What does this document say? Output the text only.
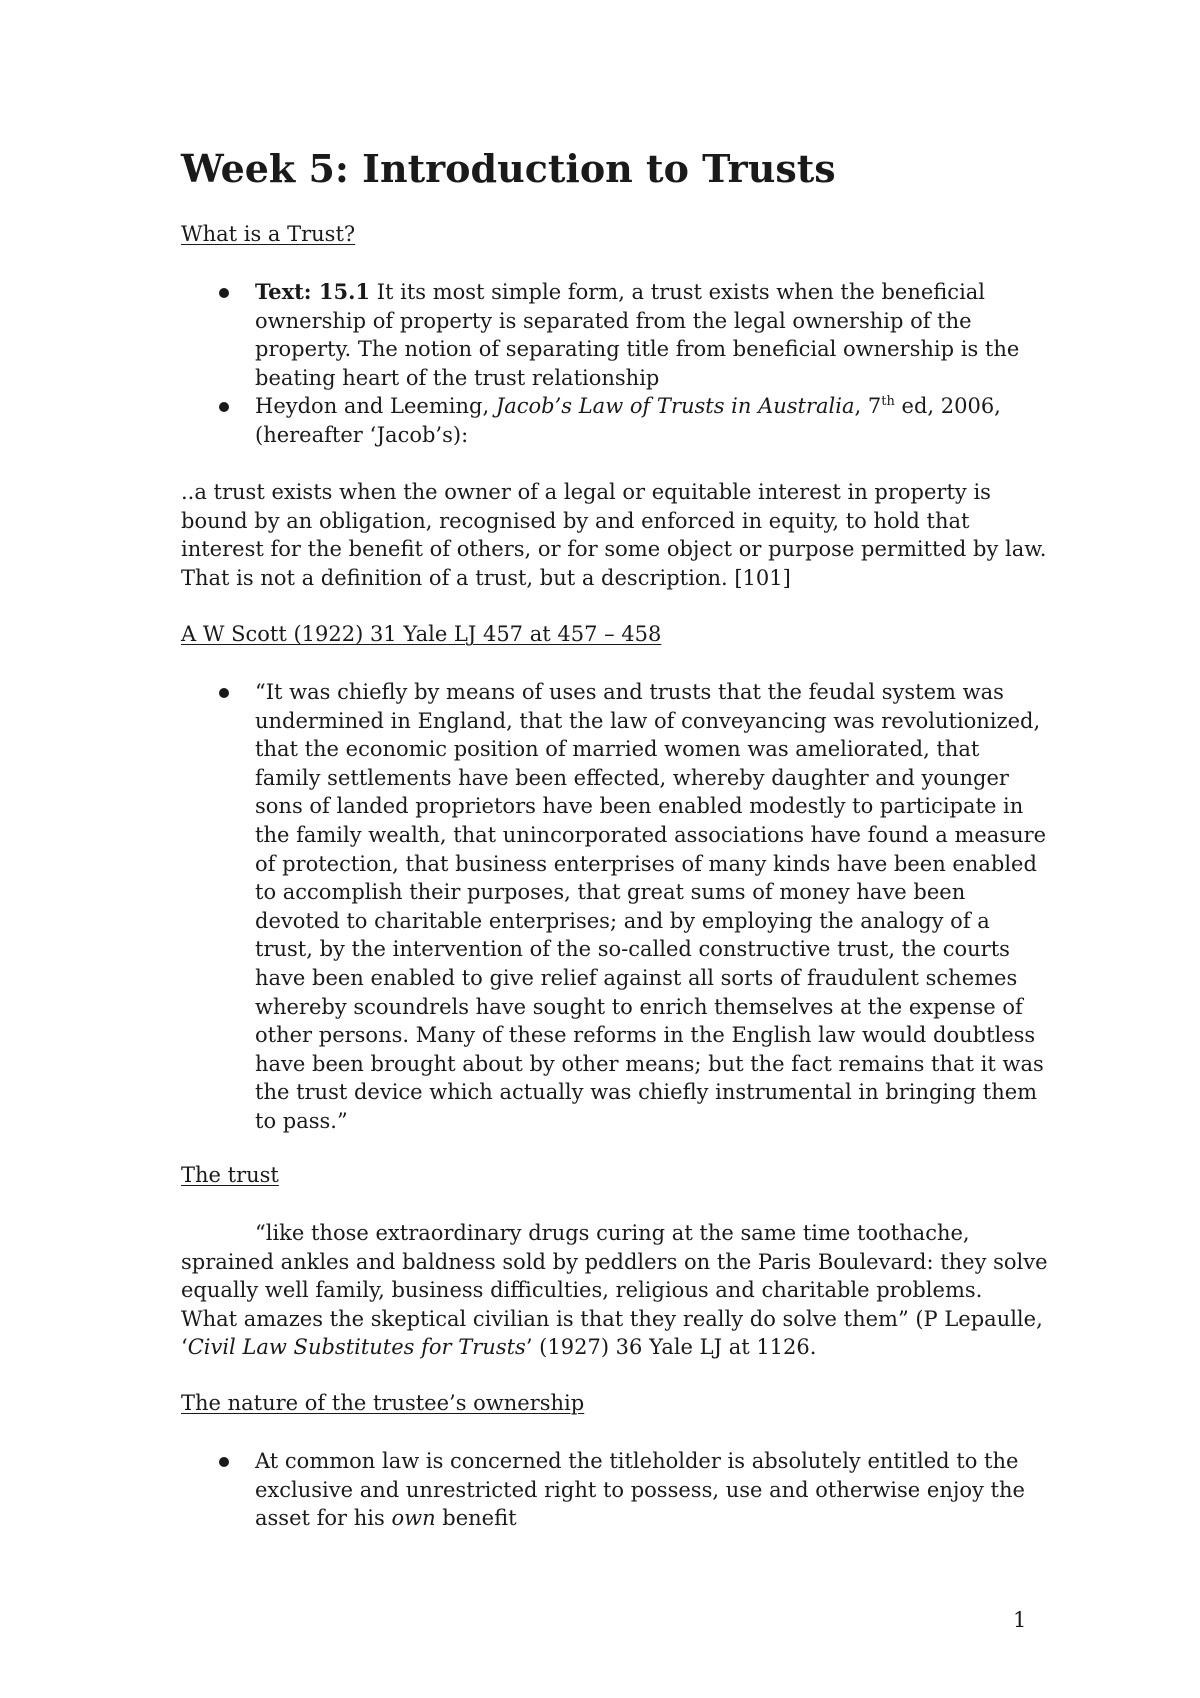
Week 5: Introduction to Trusts

What is a Trust?

Text: 15.1 It its most simple form, a trust exists when the beneficial
ownership of property is separated from the legal ownership of the
property. The notion of separating title from beneficial ownership is the
beating heart of the trust relationship
Heydon and Leeming, Jacob’s Law of Trusts in Australia, 7th ed, 2006,
(hereafter ‘Jacob’s):
..a trust exists when the owner of a legal or equitable interest in property is
bound by an obligation, recognised by and enforced in equity, to hold that
interest for the benefit of others, or for some object or purpose permitted by law.
That is not a definition of a trust, but a description. [101]

A W Scott (1922) 31 Yale LJ 457 at 457 – 458

“It was chiefly by means of uses and trusts that the feudal system was
undermined in England, that the law of conveyancing was revolutionized,
that the economic position of married women was ameliorated, that
family settlements have been effected, whereby daughter and younger
sons of landed proprietors have been enabled modestly to participate in
the family wealth, that unincorporated associations have found a measure
of protection, that business enterprises of many kinds have been enabled
to accomplish their purposes, that great sums of money have been
devoted to charitable enterprises; and by employing the analogy of a
trust, by the intervention of the so-called constructive trust, the courts
have been enabled to give relief against all sorts of fraudulent schemes
whereby scoundrels have sought to enrich themselves at the expense of
other persons. Many of these reforms in the English law would doubtless
have been brought about by other means; but the fact remains that it was
the trust device which actually was chiefly instrumental in bringing them
to pass.”

The trust

“like those extraordinary drugs curing at the same time toothache,
sprained ankles and baldness sold by peddlers on the Paris Boulevard: they solve
equally well family, business difficulties, religious and charitable problems.
What amazes the skeptical civilian is that they really do solve them” (P Lepaulle,
‘Civil Law Substitutes for Trusts’ (1927) 36 Yale LJ at 1126.

The nature of the trustee’s ownership

At common law is concerned the titleholder is absolutely entitled to the
exclusive and unrestricted right to possess, use and otherwise enjoy the
asset for his own benefit

1
